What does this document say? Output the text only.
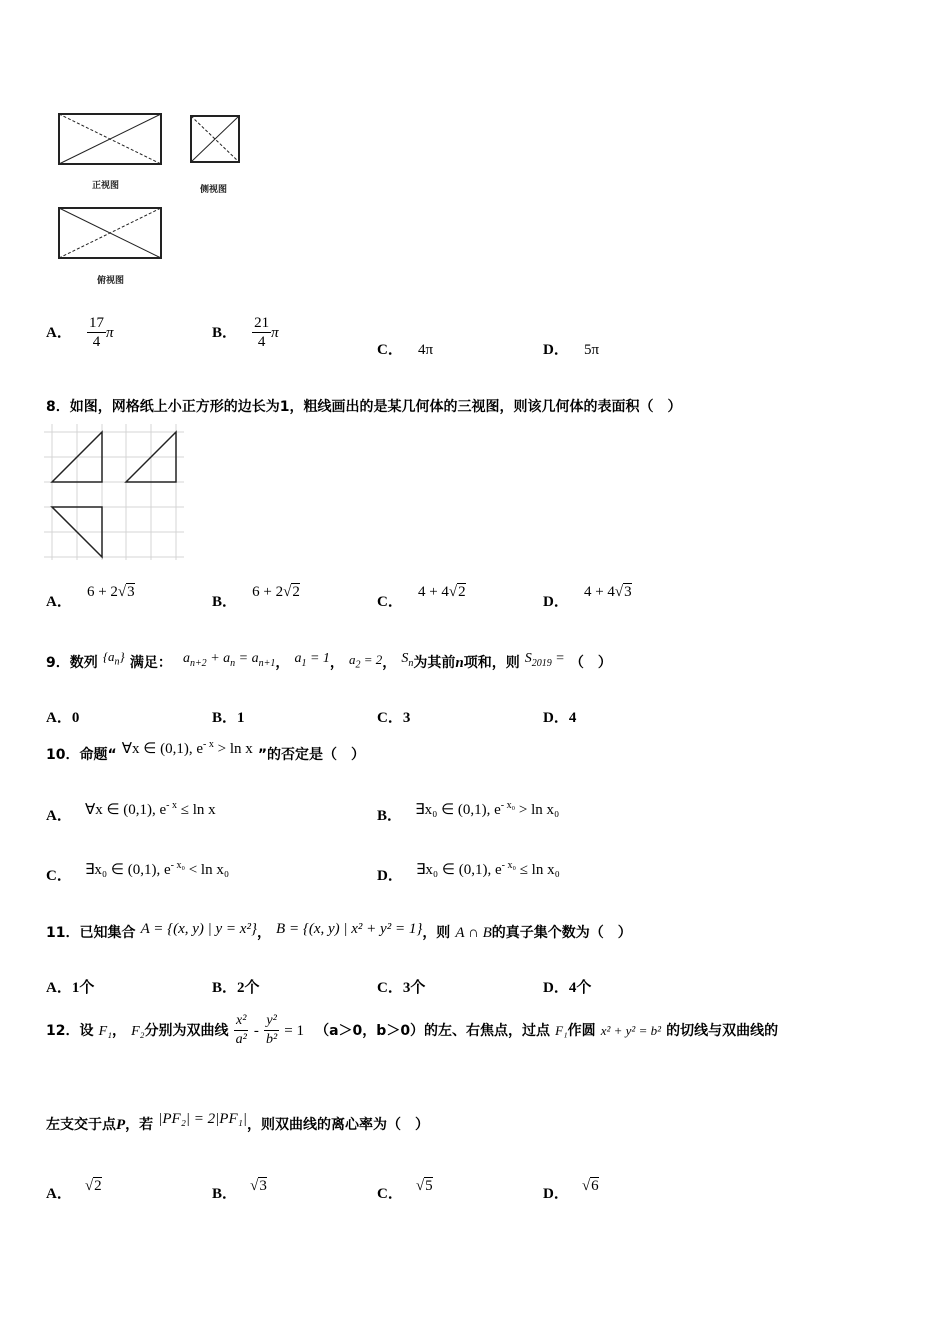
正视图	侧视图
俯视图
A． $\frac{17}{4}$ π	B． $\frac{21}{4}$ π
C． 4π	D． 5π
8．如图，网格纸上小正方形的边长为1，粗线画出的是某几何体的三视图，则该几何体的表面积（　）
A． 6 + 2√3
B． 6 + 2√2
C． 4 + 4√2
D． 4 + 4√3
9．数列 $^{\{a_n\}}$ 满足： $a_{n+2} + a_n = a_{n+1}$， $a_1 = 1$， $a_2 = 2$， $S_n$为其前n项和，则 $S_{2019}$ = （　）
A．0	B．1	C．3	D．4
10．命题“ ∀x ∈ (0,1), $e^{- x} > \ln x$ ”的否定是（　）
A． ∀x ∈ (0,1), $e^{- x} \le \ln x$	B． ∃x₀ ∈ (0,1), $e^{- x_0} > \ln x_0$
C． ∃x₀ ∈ (0,1), $e^{- x_0} < \ln x_0$	D． ∃x₀ ∈ (0,1), $e^{- x_0} \le \ln x_0$
11．已知集合 A = {(x, y) | y = x²}， B = {(x, y) | x² + y² = 1}，则 A ∩ B的真子集个数为（　）
A．1个	B．2个	C．3个	D．4个
12．设 F₁， F₂分别为双曲线 $\frac{\text{x²}}{\text{a²}} - \frac{\text{y²}}{\text{b²}} = 1$ （a＞0，b＞0）的左、右焦点，过点 F₁作圆 x² + y² = b² 的切线与双曲线的
左支交于点P，若 |PF₂| = 2|PF₁|，则双曲线的离心率为（　）
A． √2	B． √3	C． √5	D． √6
